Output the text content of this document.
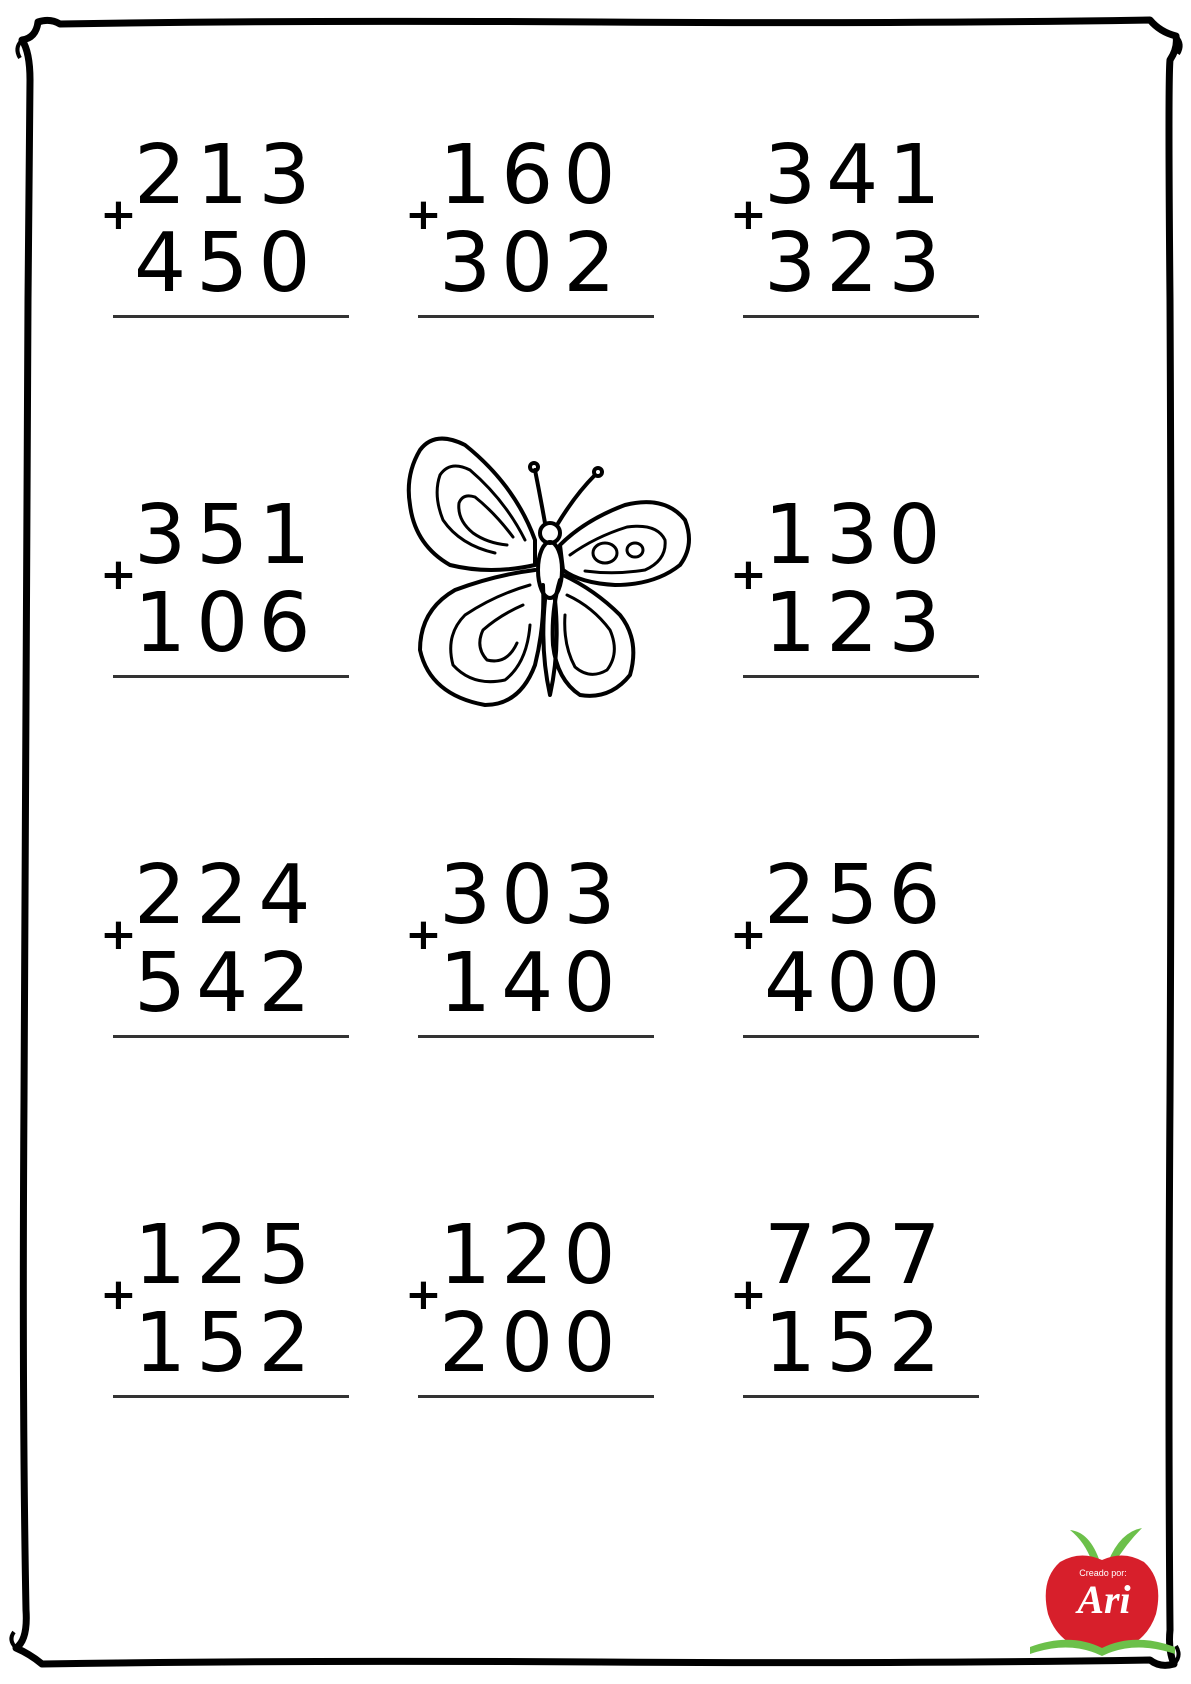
+
213
450
+
160
302
+
341
323
+
351
106
+
130
123
+
224
542
+
303
140
+
256
400
+
125
152
+
120
200
+
727
152
Creado por:
Ari
